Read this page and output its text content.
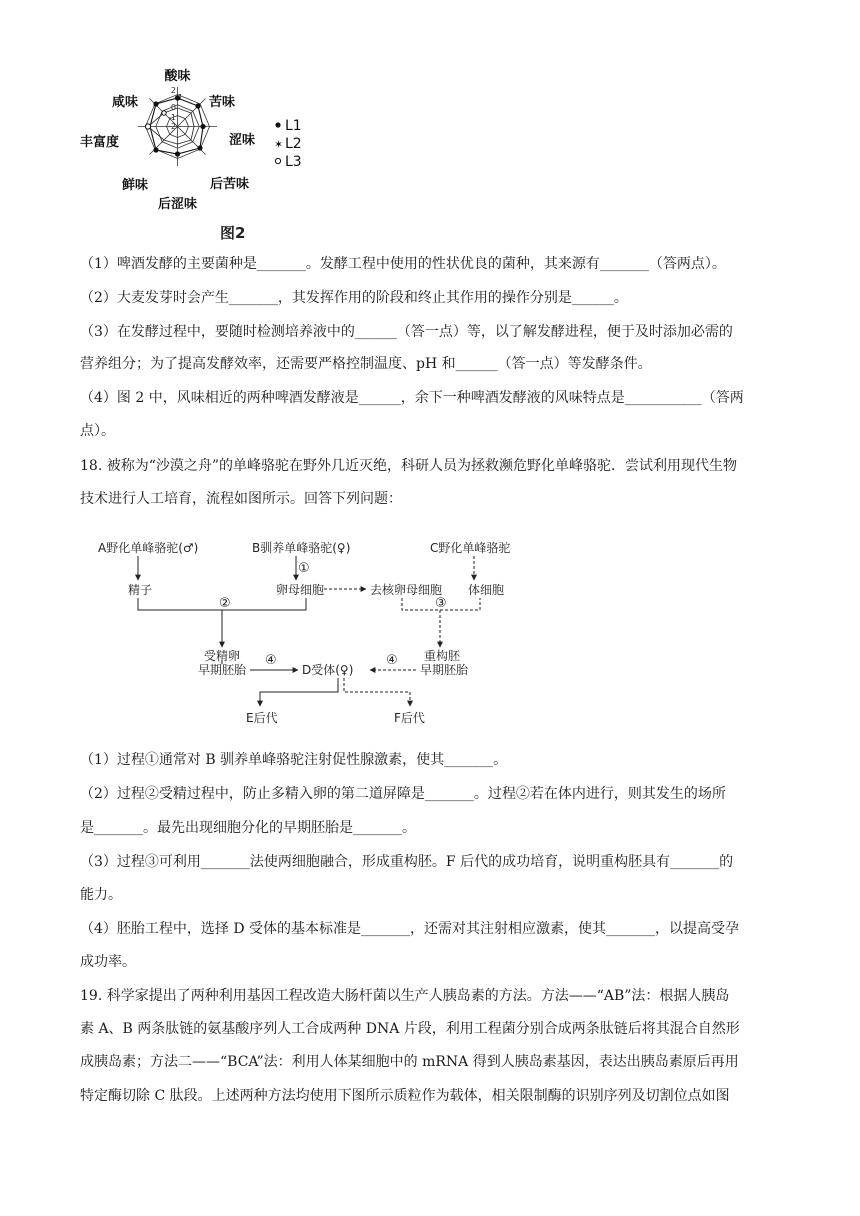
酸味
苦味
涩味
后苦味
后涩味
鲜味
丰富度
咸味
2
1
0
-1
-2	L1
✶ L2
L3
图2
（1）啤酒发酵的主要菌种是_______。发酵工程中使用的性状优良的菌种，其来源有_______（答两点）。
（2）大麦发芽时会产生_______，其发挥作用的阶段和终止其作用的操作分别是______。
（3）在发酵过程中，要随时检测培养液中的______（答一点）等，以了解发酵进程，便于及时添加必需的
营养组分；为了提高发酵效率，还需要严格控制温度、pH 和______（答一点）等发酵条件。
（4）图 2 中，风味相近的两种啤酒发酵液是______，余下一种啤酒发酵液的风味特点是___________（答两
点）。
18. 被称为“沙漠之舟”的单峰骆驼在野外几近灭绝，科研人员为拯救濒危野化单峰骆驼．尝试利用现代生物
技术进行人工培育，流程如图所示。回答下列问题：
A野化单峰骆驼(♂)	B驯养单峰骆驼(♀)	C野化单峰骆驼
精子	卵母细胞	去核卵母细胞 体细胞
受精卵	重构胚
早期胚胎	D受体(♀)	早期胚胎
E后代	F后代
①
②	③
④	④
（1）过程①通常对 B 驯养单峰骆驼注射促性腺激素，使其_______。
（2）过程②受精过程中，防止多精入卵的第二道屏障是_______。过程②若在体内进行，则其发生的场所
是_______。最先出现细胞分化的早期胚胎是_______。
（3）过程③可利用_______法使两细胞融合，形成重构胚。F 后代的成功培育，说明重构胚具有_______的
能力。
（4）胚胎工程中，选择 D 受体的基本标准是_______，还需对其注射相应激素，使其_______，以提高受孕
成功率。
19. 科学家提出了两种利用基因工程改造大肠杆菌以生产人胰岛素的方法。方法——“AB”法：根据人胰岛
素 A、B 两条肽链的氨基酸序列人工合成两种 DNA 片段，利用工程菌分别合成两条肽链后将其混合自然形
成胰岛素；方法二——“BCA”法：利用人体某细胞中的 mRNA 得到人胰岛素基因，表达出胰岛素原后再用
特定酶切除 C 肽段。上述两种方法均使用下图所示质粒作为载体，相关限制酶的识别序列及切割位点如图
